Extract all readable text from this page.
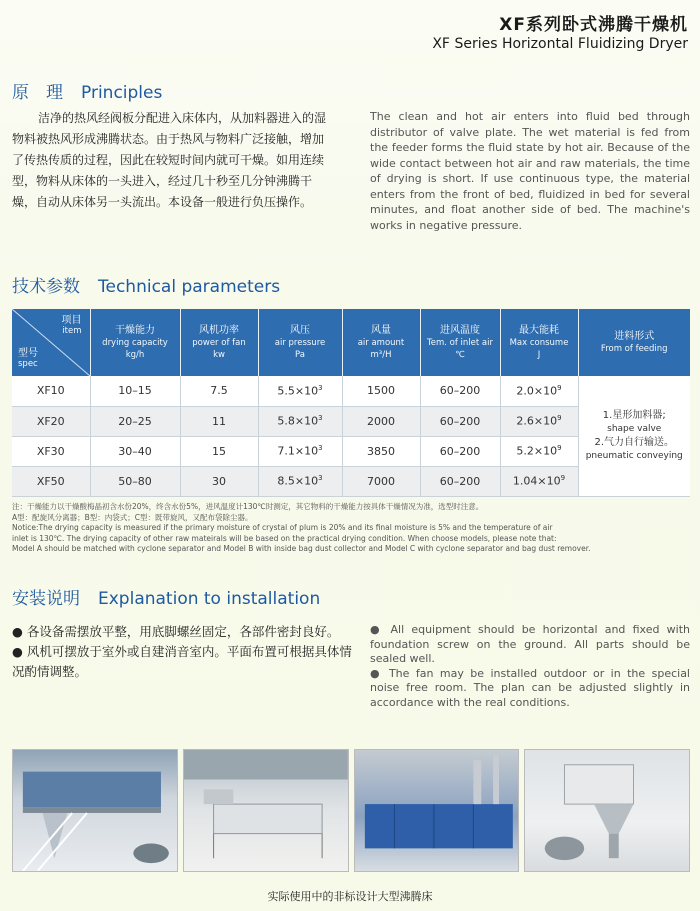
XF系列卧式沸腾干燥机
XF Series Horizontal Fluidizing Dryer
原　理 Principles
洁净的热风经阀板分配进入床体内，从加料器进入的湿物料被热风形成沸腾状态。由于热风与物料广泛接触，增加了传热传质的过程，因此在较短时间内就可干燥。如用连续型，物料从床体的一头进入，经过几十秒至几分钟沸腾干燥，自动从床体另一头流出。本设备一般进行负压操作。
The clean and hot air enters into fluid bed through distributor of valve plate. The wet material is fed from the feeder forms the fluid state by hot air. Because of the wide contact between hot air and raw materials, the time of drying is short. If use continuous type, the material enters from the front of bed, fluidized in bed for several minutes, and float another side of bed. The machine's works in negative pressure.
技术参数 Technical parameters
项目

item
型号

spec	干燥能力
drying capacity
kg/h	风机功率
power of fan
kw	风压
air pressure
Pa	风量
air amount
m³/H	进风温度
Tem. of inlet air
℃	最大能耗
Max consume
J	进料形式
From of feeding

XF10	10–15	7.5	$5.5\times 10^3$	1500	60–200	$2.0\times 10^9$	1.星形加料器;
shape valve
2.气力自行输送。
pneumatic conveying
XF20	20–25	11	$5.8\times 10^3$	2000	60–200	$2.6\times 10^9$
XF30	30–40	15	$7.1\times 10^3$	3850	60–200	$5.2\times 10^9$
XF50	50–80	30	$8.5\times 10^3$	7000	60–200	$1.04\times 10^9$
注：干燥能力以干燥酸梅晶初含水份20%，终含水份5%，进风温度计130℃时测定，其它物料的干燥能力按具体干燥情况为准，选型时注意。
A型：配旋风分离器；B型：内袋式；C型：既带旋风，又配布袋除尘器。
Notice:The drying capacity is measured if the primary moisture of crystal of plum is 20% and its final moisture is 5% and the temperature of air
inlet is 130℃. The drying capacity of other raw mateirals will be based on the practical drying condition. When choose models, please note that:
Model A should be matched with cyclone separator and Model B with inside bag dust collector and Model C with cyclone separator and bag dust remover.
安装说明 Explanation to installation
● 各设备需摆放平整，用底脚螺丝固定，各部件密封良好。
● 风机可摆放于室外或自建消音室内。平面布置可根据具体情况酌情调整。
● All equipment should be horizontal and fixed with foundation screw on the ground. All parts should be sealed well.
● The fan may be installed outdoor or in the special noise free room. The plan can be adjusted slightly in accordance with the real conditions.
实际使用中的非标设计大型沸腾床
